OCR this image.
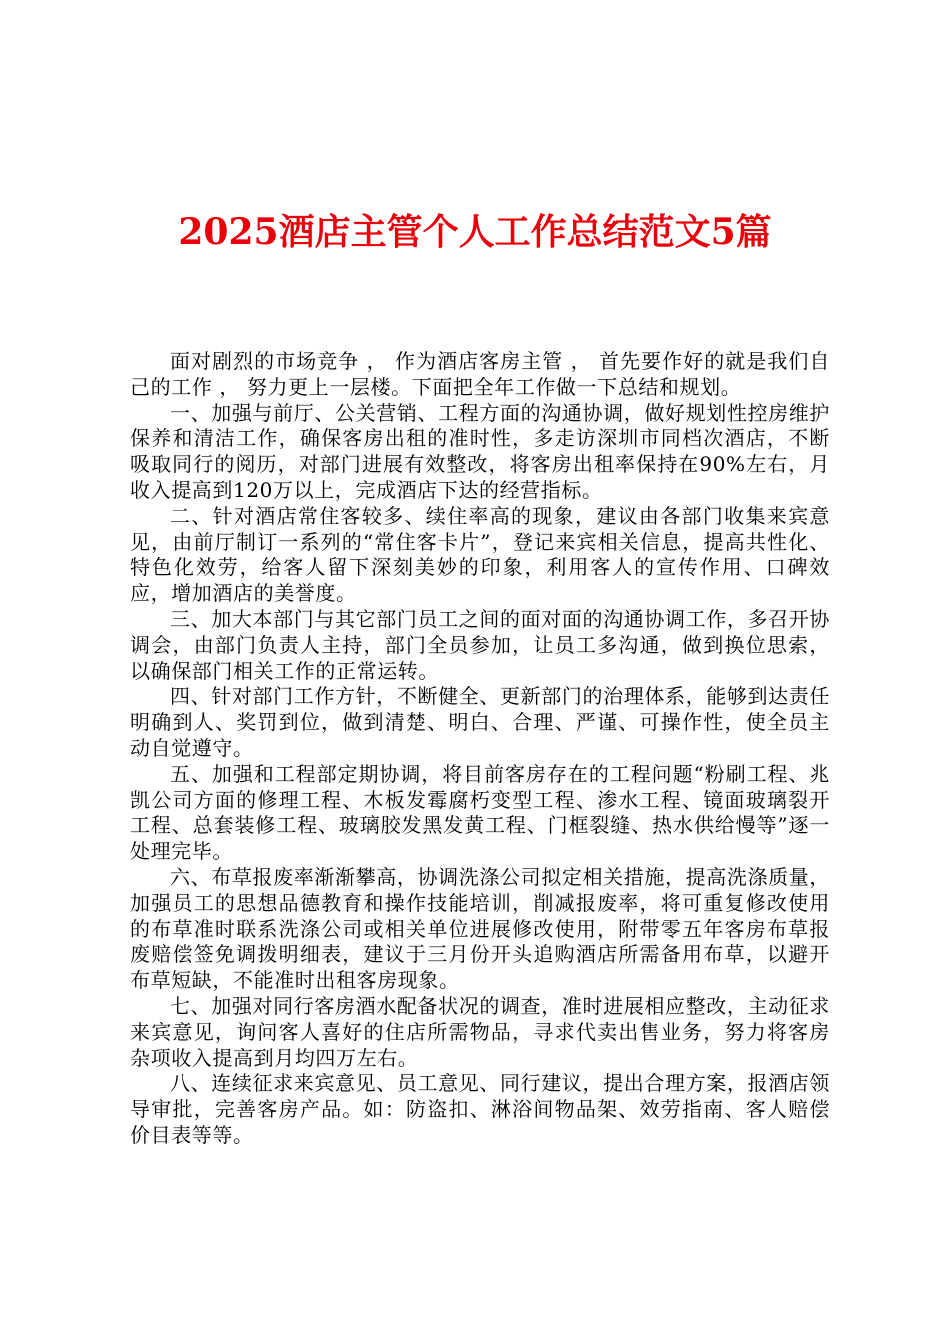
2025酒店主管个人工作总结范文5篇

面对剧烈的市场竞争 ， 作为酒店客房主管 ， 首先要作好的就是我们自己的工作 ， 努力更上一层楼。下面把全年工作做一下总结和规划。

一、加强与前厅、公关营销、工程方面的沟通协调，做好规划性控房维护保养和清洁工作，确保客房出租的准时性，多走访深圳市同档次酒店，不断吸取同行的阅历，对部门进展有效整改，将客房出租率保持在90%左右，月收入提高到120万以上，完成酒店下达的经营指标。

二、针对酒店常住客较多、续住率高的现象，建议由各部门收集来宾意见，由前厅制订一系列的“常住客卡片”，登记来宾相关信息，提高共性化、特色化效劳，给客人留下深刻美妙的印象，利用客人的宣传作用、口碑效应，增加酒店的美誉度。

三、加大本部门与其它部门员工之间的面对面的沟通协调工作，多召开协调会，由部门负责人主持，部门全员参加，让员工多沟通，做到换位思索，以确保部门相关工作的正常运转。

四、针对部门工作方针，不断健全、更新部门的治理体系，能够到达责任明确到人、奖罚到位，做到清楚、明白、合理、严谨、可操作性，使全员主动自觉遵守。

五、加强和工程部定期协调，将目前客房存在的工程问题“粉刷工程、兆凯公司方面的修理工程、木板发霉腐朽变型工程、渗水工程、镜面玻璃裂开工程、总套装修工程、玻璃胶发黑发黄工程、门框裂缝、热水供给慢等”逐一处理完毕。

六、布草报废率渐渐攀高，协调洗涤公司拟定相关措施，提高洗涤质量，加强员工的思想品德教育和操作技能培训，削减报废率，将可重复修改使用的布草准时联系洗涤公司或相关单位进展修改使用，附带零五年客房布草报废赔偿签免调拨明细表，建议于三月份开头追购酒店所需备用布草，以避开布草短缺，不能准时出租客房现象。

七、加强对同行客房酒水配备状况的调查，准时进展相应整改，主动征求来宾意见，询问客人喜好的住店所需物品，寻求代卖出售业务，努力将客房杂项收入提高到月均四万左右。

八、连续征求来宾意见、员工意见、同行建议，提出合理方案，报酒店领导审批，完善客房产品。如：防盗扣、淋浴间物品架、效劳指南、客人赔偿价目表等等。
